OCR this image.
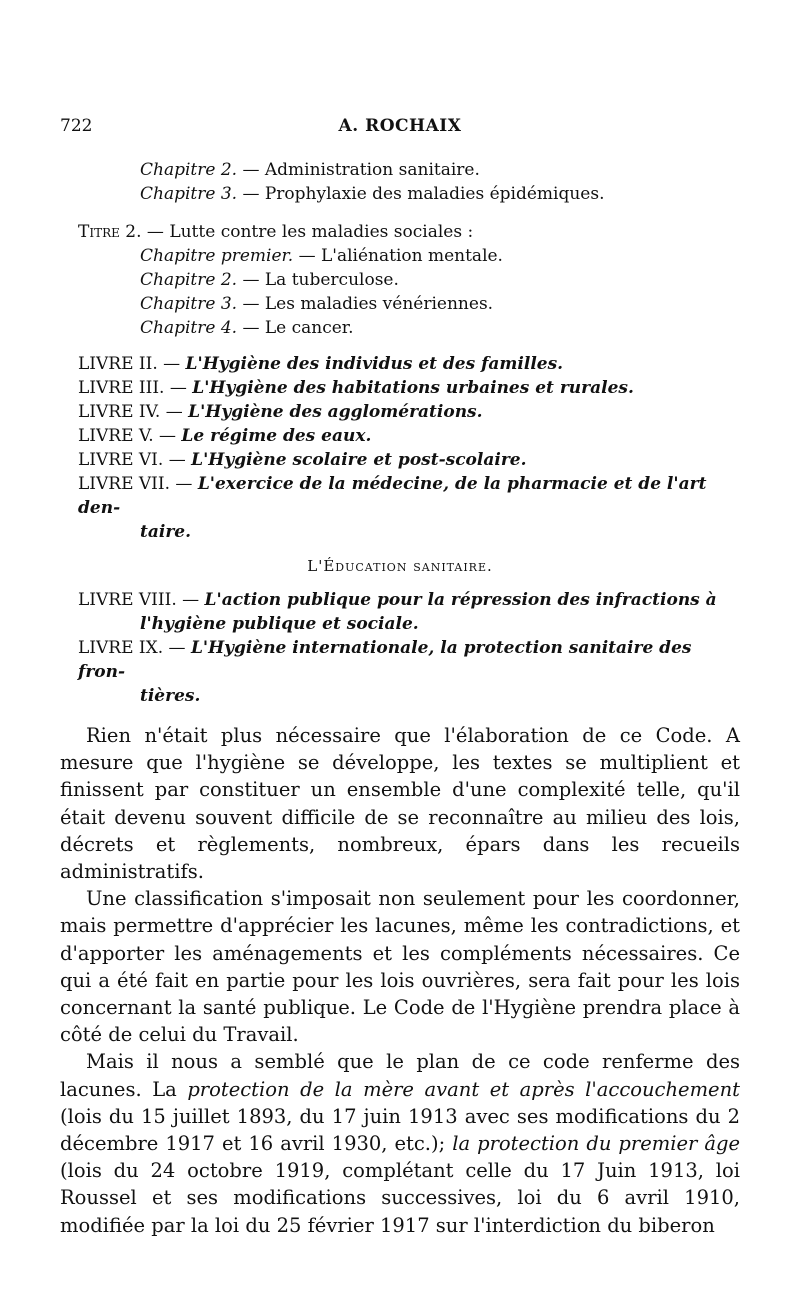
722	A. ROCHAIX
Chapitre 2. — Administration sanitaire.
Chapitre 3. — Prophylaxie des maladies épidémiques.
Titre 2. — Lutte contre les maladies sociales :
Chapitre premier. — L'aliénation mentale.
Chapitre 2. — La tuberculose.
Chapitre 3. — Les maladies vénériennes.
Chapitre 4. — Le cancer.
LIVRE II. — L'Hygiène des individus et des familles.
LIVRE III. — L'Hygiène des habitations urbaines et rurales.
LIVRE IV. — L'Hygiène des agglomérations.
LIVRE V. — Le régime des eaux.
LIVRE VI. — L'Hygiène scolaire et post-scolaire.
LIVRE VII. — L'exercice de la médecine, de la pharmacie et de l'art den-
taire.
L'Éducation sanitaire.
LIVRE VIII. — L'action publique pour la répression des infractions à
l'hygiène publique et sociale.
LIVRE IX. — L'Hygiène internationale, la protection sanitaire des fron-
tières.

Rien n'était plus nécessaire que l'élaboration de ce Code. A mesure que l'hygiène se développe, les textes se multiplient et finissent par constituer un ensemble d'une complexité telle, qu'il était devenu souvent difficile de se reconnaître au milieu des lois, décrets et règlements, nombreux, épars dans les recueils administratifs.

Une classification s'imposait non seulement pour les coordonner, mais permettre d'apprécier les lacunes, même les contradictions, et d'apporter les aménagements et les compléments nécessaires. Ce qui a été fait en partie pour les lois ouvrières, sera fait pour les lois concernant la santé publique. Le Code de l'Hygiène prendra place à côté de celui du Travail.

Mais il nous a semblé que le plan de ce code renferme des lacunes. La protection de la mère avant et après l'accouchement (lois du 15 juillet 1893, du 17 juin 1913 avec ses modifications du 2 décembre 1917 et 16 avril 1930, etc.); la protection du premier âge (lois du 24 octobre 1919, complétant celle du 17 Juin 1913, loi Roussel et ses modifications successives, loi du 6 avril 1910, modifiée par la loi du 25 février 1917 sur l'interdiction du biberon
